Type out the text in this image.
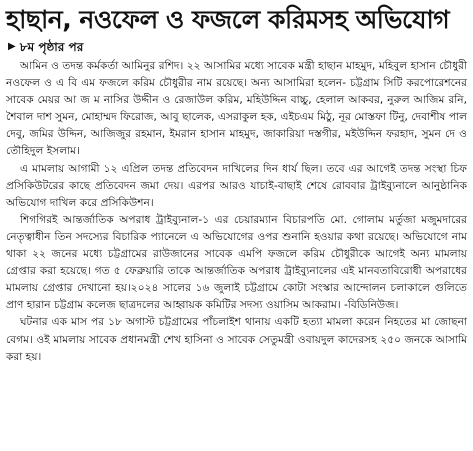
হাছান, নওফেল ও ফজলে করিমসহ অভিযোগ
▶ ৮ম পৃষ্ঠার পর

আমিন ও তদন্ত কর্মকর্তা আমিনুর রশিদ। ২২ আসামির মধ্যে সাবেক মন্ত্রী হাছান মাহমুদ, মহিবুল হাসান চৌধুরী নওফেল ও এ বি এম ফজলে করিম চৌধুরীর নাম রয়েছে। অন্য আসামিরা হলেন- চট্টগ্রাম সিটি করপোরেশনের সাবেক মেয়র আ জ ম নাসির উদ্দীন ও রেজাউল করিম, মহিউদ্দিন বাচ্চু, হেলাল আকবর, নুরুল আজিম রনি, শৈবাল দাশ সুমন, মোহাম্মদ ফিরোজ, আবু ছালেক, এসরাকুল হক, এইচএম মিঠু, নূর মোস্তফা টিনু, দেবাশীষ পাল দেবু, জমির উদ্দিন, আজিজুর রহমান, ইমরান হাসান মাহমুদ, জাকারিয়া দস্তগীর, মইউদ্দিন ফরহাদ, সুমন দে ও তৌহিদুল ইসলাম।

এ মামলায় আগামী ১২ এপ্রিল তদন্ত প্রতিবেদন দাখিলের দিন ধার্য ছিল। তবে এর আগেই তদন্ত সংস্থা চিফ প্রসিকিউটরের কাছে প্রতিবেদন জমা দেয়। এরপর আরও যাচাই-বাছাই শেষে রোববার ট্রাইব্যুনালে আনুষ্ঠানিক অভিযোগ দাখিল করে প্রসিকিউশন।

শিগগিরই আন্তর্জাতিক অপরাধ ট্রাইব্যুনাল-১ এর চেয়ারম্যান বিচারপতি মো. গোলাম মর্তুজা মজুমদারের নেতৃত্বাধীন তিন সদস্যের বিচারিক প্যানেলে এ অভিযোগের ওপর শুনানি হওয়ার কথা রয়েছে। অভিযোগে নাম থাকা ২২ জনের মধ্যে চট্টগ্রামের রাউজানের সাবেক এমপি ফজলে করিম চৌধুরীকে আগেই অন্য মামলায় গ্রেপ্তার করা হয়েছে। গত ৫ ফেব্রুয়ারি তাকে আন্তর্জাতিক অপরাধ ট্রাইব্যুনালের এই মানবতাবিরোধী অপরাধের মামলায় গ্রেপ্তার দেখানো হয়।২০২৪ সালের ১৬ জুলাই চট্টগ্রামে কোটা সংস্কার আন্দোলন চলাকালে গুলিতে প্রাণ হারান চট্টগ্রাম কলেজ ছাত্রদলের আহ্বায়ক কমিটির সদস্য ওয়াসিম আকরাম। -বিডিনিউজ।

ঘটনার এক মাস পর ১৮ অগাস্ট চট্টগ্রামের পাঁচলাইশ থানায় একটি হত্যা মামলা করেন নিহতের মা জোছনা বেগম। ওই মামলায় সাবেক প্রধানমন্ত্রী শেখ হাসিনা ও সাবেক সেতুমন্ত্রী ওবায়দুল কাদেরসহ ২৫০ জনকে আসামি করা হয়।
